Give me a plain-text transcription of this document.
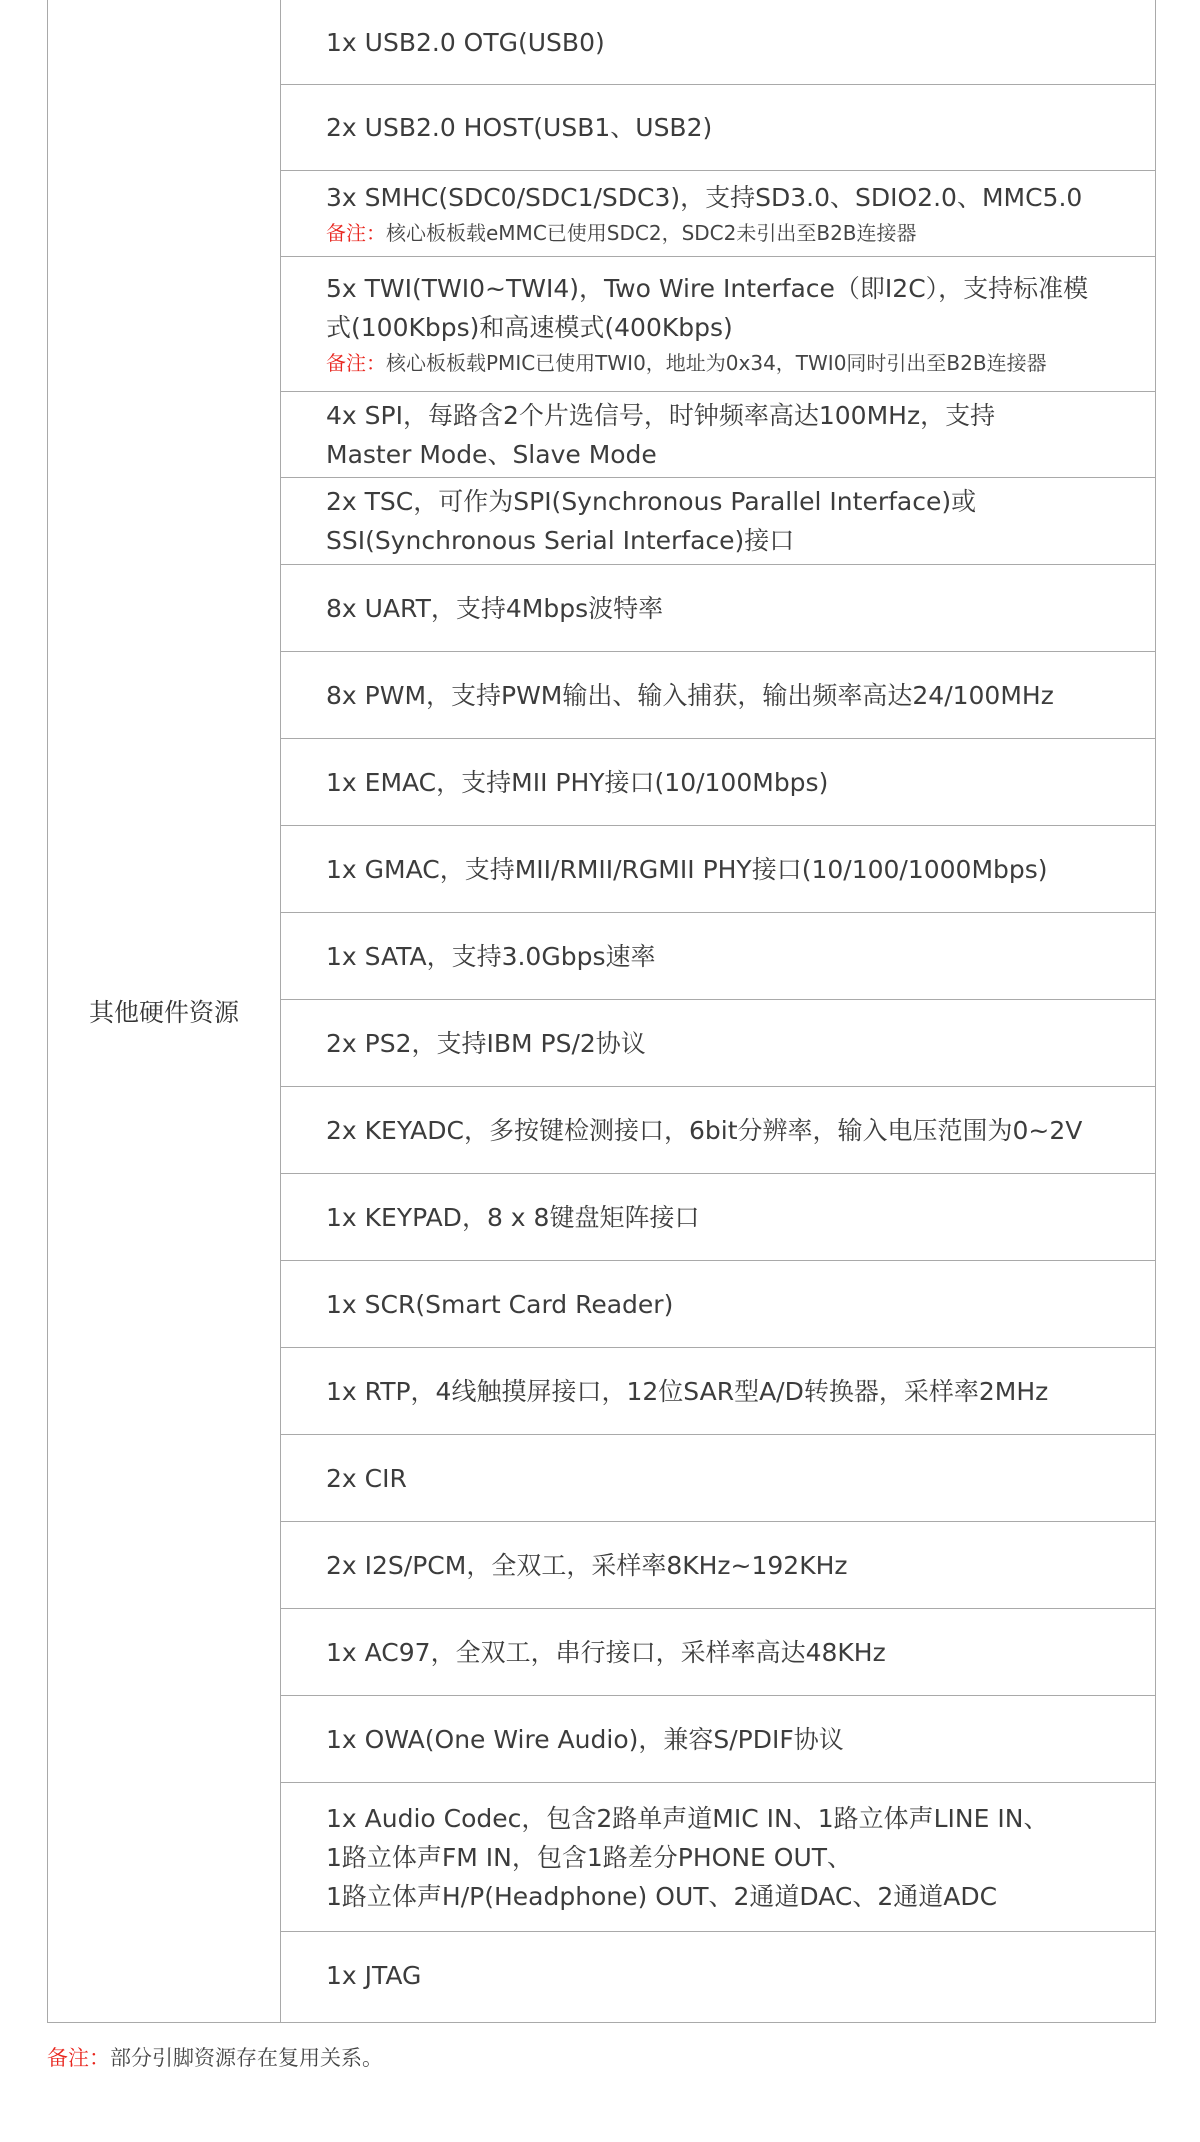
其他硬件资源
1x USB2.0 OTG(USB0)
2x USB2.0 HOST(USB1、USB2)
3x SMHC(SDC0/SDC1/SDC3)，支持SD3.0、SDIO2.0、MMC5.0
备注：核心板板载eMMC已使用SDC2，SDC2未引出至B2B连接器
5x TWI(TWI0~TWI4)，Two Wire Interface（即I2C），支持标准模
式(100Kbps)和高速模式(400Kbps)
备注：核心板板载PMIC已使用TWI0，地址为0x34，TWI0同时引出至B2B连接器
4x SPI，每路含2个片选信号，时钟频率高达100MHz，支持
Master Mode、Slave Mode
2x TSC，可作为SPI(Synchronous Parallel Interface)或
SSI(Synchronous Serial Interface)接口
8x UART，支持4Mbps波特率
8x PWM，支持PWM输出、输入捕获，输出频率高达24/100MHz
1x EMAC，支持MII PHY接口(10/100Mbps)
1x GMAC，支持MII/RMII/RGMII PHY接口(10/100/1000Mbps)
1x SATA，支持3.0Gbps速率
2x PS2，支持IBM PS/2协议
2x KEYADC，多按键检测接口，6bit分辨率，输入电压范围为0~2V
1x KEYPAD，8 x 8键盘矩阵接口
1x SCR(Smart Card Reader)
1x RTP，4线触摸屏接口，12位SAR型A/D转换器，采样率2MHz
2x CIR
2x I2S/PCM，全双工，采样率8KHz~192KHz
1x AC97，全双工，串行接口，采样率高达48KHz
1x OWA(One Wire Audio)，兼容S/PDIF协议
1x Audio Codec，包含2路单声道MIC IN、1路立体声LINE IN、
1路立体声FM IN，包含1路差分PHONE OUT、
1路立体声H/P(Headphone) OUT、2通道DAC、2通道ADC
1x JTAG
备注：部分引脚资源存在复用关系。
